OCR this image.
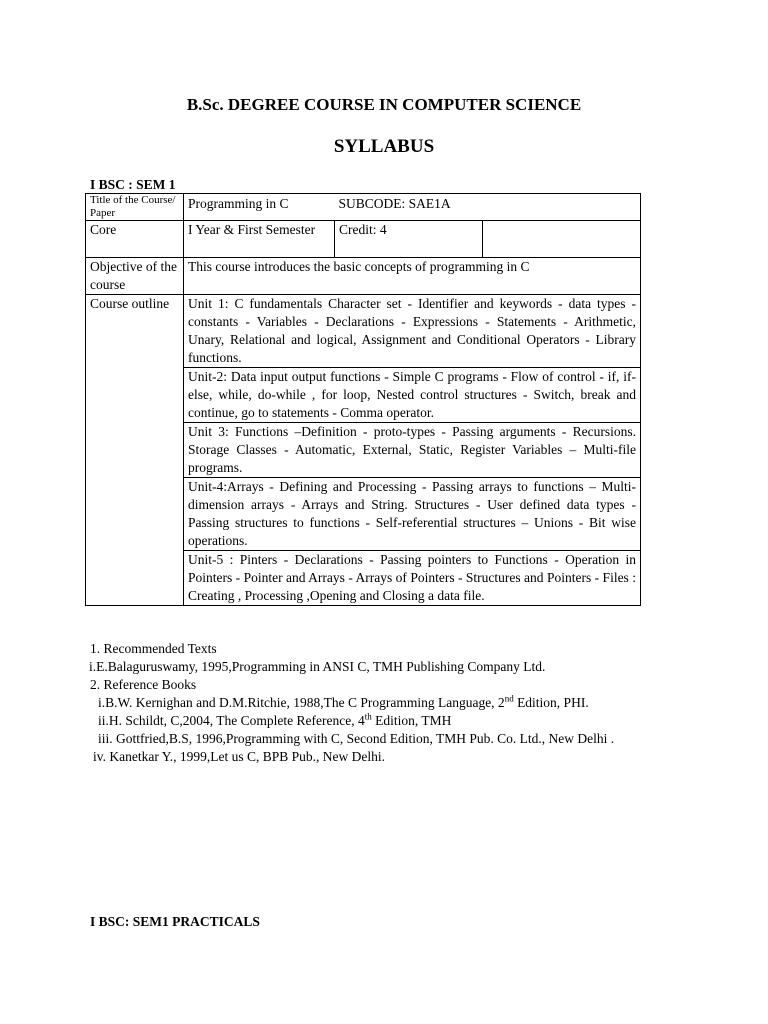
B.Sc. DEGREE COURSE IN COMPUTER SCIENCE
SYLLABUS
I BSC : SEM 1
Title of the Course/ Paper	Programming in C SUBCODE: SAE1A	
Core	I Year & First Semester	Credit: 4

Objective of the course	This course introduces the basic concepts of programming in C	
Course outline	Unit 1: C fundamentals Character set - Identifier and keywords - data types - constants - Variables - Declarations - Expressions - Statements - Arithmetic, Unary, Relational and logical, Assignment and Conditional Operators - Library functions.	
	Unit-2: Data input output functions - Simple C programs - Flow of control - if, if-else, while, do-while , for loop, Nested control structures - Switch, break and continue, go to statements - Comma operator.	
	Unit 3: Functions –Definition - proto-types - Passing arguments - Recursions. Storage Classes - Automatic, External, Static, Register Variables – Multi-file programs.	
	Unit-4:Arrays - Defining and Processing - Passing arrays to functions – Multi-dimension arrays - Arrays and String. Structures - User defined data types - Passing structures to functions - Self-referential structures – Unions - Bit wise operations.	
	Unit-5 : Pinters - Declarations - Passing pointers to Functions - Operation in Pointers - Pointer and Arrays - Arrays of Pointers - Structures and Pointers - Files : Creating , Processing ,Opening and Closing a data file.	
1. Recommended Texts
i.E.Balaguruswamy, 1995,Programming in ANSI C, TMH Publishing Company Ltd.
2. Reference Books
i.B.W. Kernighan and D.M.Ritchie, 1988,The C Programming Language, 2nd Edition, PHI.
ii.H. Schildt, C,2004, The Complete Reference, 4th Edition, TMH
iii. Gottfried,B.S, 1996,Programming with C, Second Edition, TMH Pub. Co. Ltd., New Delhi .
iv. Kanetkar Y., 1999,Let us C, BPB Pub., New Delhi.
I BSC: SEM1 PRACTICALS
